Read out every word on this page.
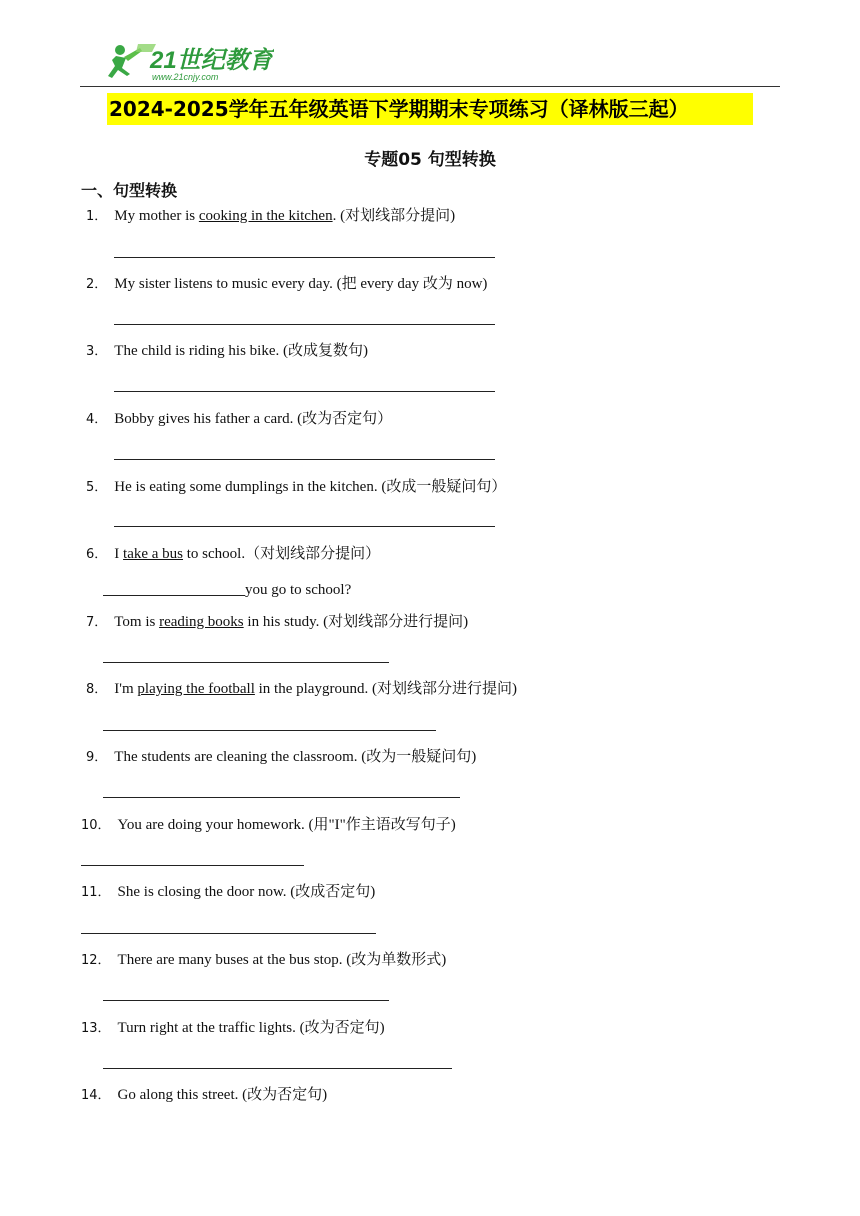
21世纪教育
www.21cnjy.com
2024-2025学年五年级英语下学期期末专项练习（译林版三起）
专题05 句型转换
一、句型转换
1． My mother is cooking in the kitchen. (对划线部分提问)
2． My sister listens to music every day. (把 every day 改为 now)
3． The child is riding his bike. (改成复数句)
4． Bobby gives his father a card. (改为否定句）
5． He is eating some dumplings in the kitchen. (改成一般疑问句）
6． I take a bus to school.（对划线部分提问）
you go to school?
7． Tom is reading books in his study. (对划线部分进行提问)
8． I'm playing the football in the playground. (对划线部分进行提问)
9． The students are cleaning the classroom. (改为一般疑问句)
10． You are doing your homework. (用"I"作主语改写句子)
11． She is closing the door now. (改成否定句)
12． There are many buses at the bus stop. (改为单数形式)
13． Turn right at the traffic lights. (改为否定句)
14． Go along this street. (改为否定句)
